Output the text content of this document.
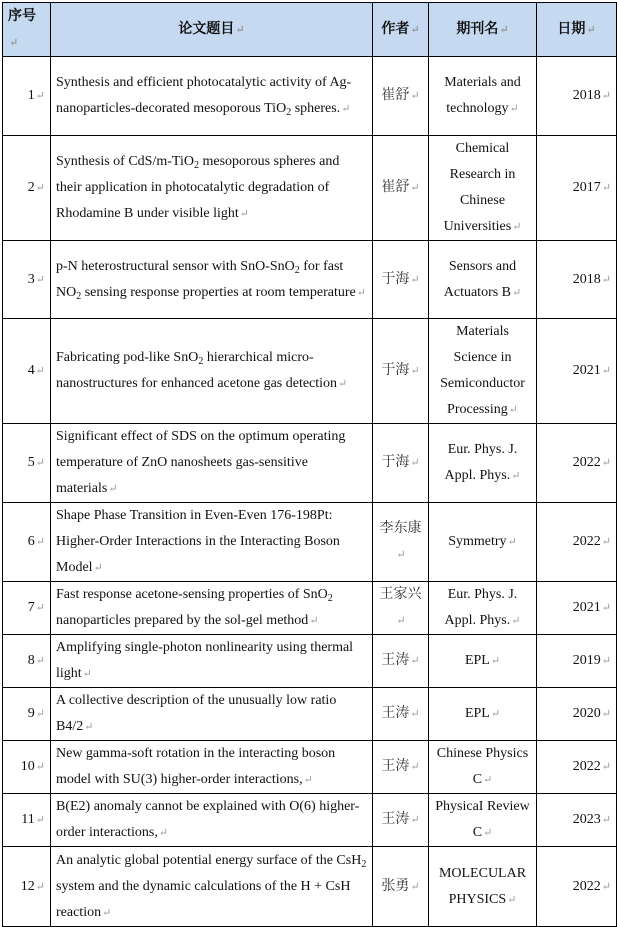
序号↵	论文题目↵	作者↵	期刊名↵	日期↵
1↵	Synthesis and efficient photocatalytic activity of Ag-nanoparticles-decorated mesoporous TiO$_2$ spheres.↵	崔舒↵	Materials and technology↵	2018↵
2↵	Synthesis of CdS/m-TiO$_2$ mesoporous spheres and their application in photocatalytic degradation of Rhodamine B under visible light↵	崔舒↵	Chemical Research in Chinese Universities↵	2017↵
3↵	p-N heterostructural sensor with SnO-SnO$_2$ for fast $NO_2$ sensing response properties at room temperature↵	于海↵	Sensors and Actuators B↵	2018↵
4↵	Fabricating pod-like SnO$_2$ hierarchical micro-nanostructures for enhanced acetone gas detection↵	于海↵	Materials Science in Semiconductor Processing↵	2021↵
5↵	Significant effect of SDS on the optimum operating temperature of ZnO nanosheets gas-sensitive materials↵	于海↵	Eur. Phys. J. Appl. Phys.↵	2022↵
6↵	Shape Phase Transition in Even-Even 176-198Pt: Higher-Order Interactions in the Interacting Boson Model↵	李东康↵	Symmetry↵	2022↵
7↵	Fast response acetone-sensing properties of SnO$_2$ nanoparticles prepared by the sol-gel method↵	王家兴↵	Eur. Phys. J. Appl. Phys.↵	2021↵
8↵	Amplifying single-photon nonlinearity using thermal light↵	王涛↵	EPL↵	2019↵
9↵	A collective description of the unusually low ratio B4/2↵	王涛↵	EPL↵	2020↵
10↵	New gamma-soft rotation in the interacting boson model with SU(3) higher-order interactions,↵	王涛↵	Chinese Physics C↵	2022↵
11↵	B(E2) anomaly cannot be explained with O(6) higher-order interactions,↵	王涛↵	PhysicaI Review C↵	2023↵
12↵	An analytic global potential energy surface of the CsH$_2$ system and the dynamic calculations of the H + CsH reaction↵	张勇↵	MOLECULAR PHYSICS↵	2022↵
